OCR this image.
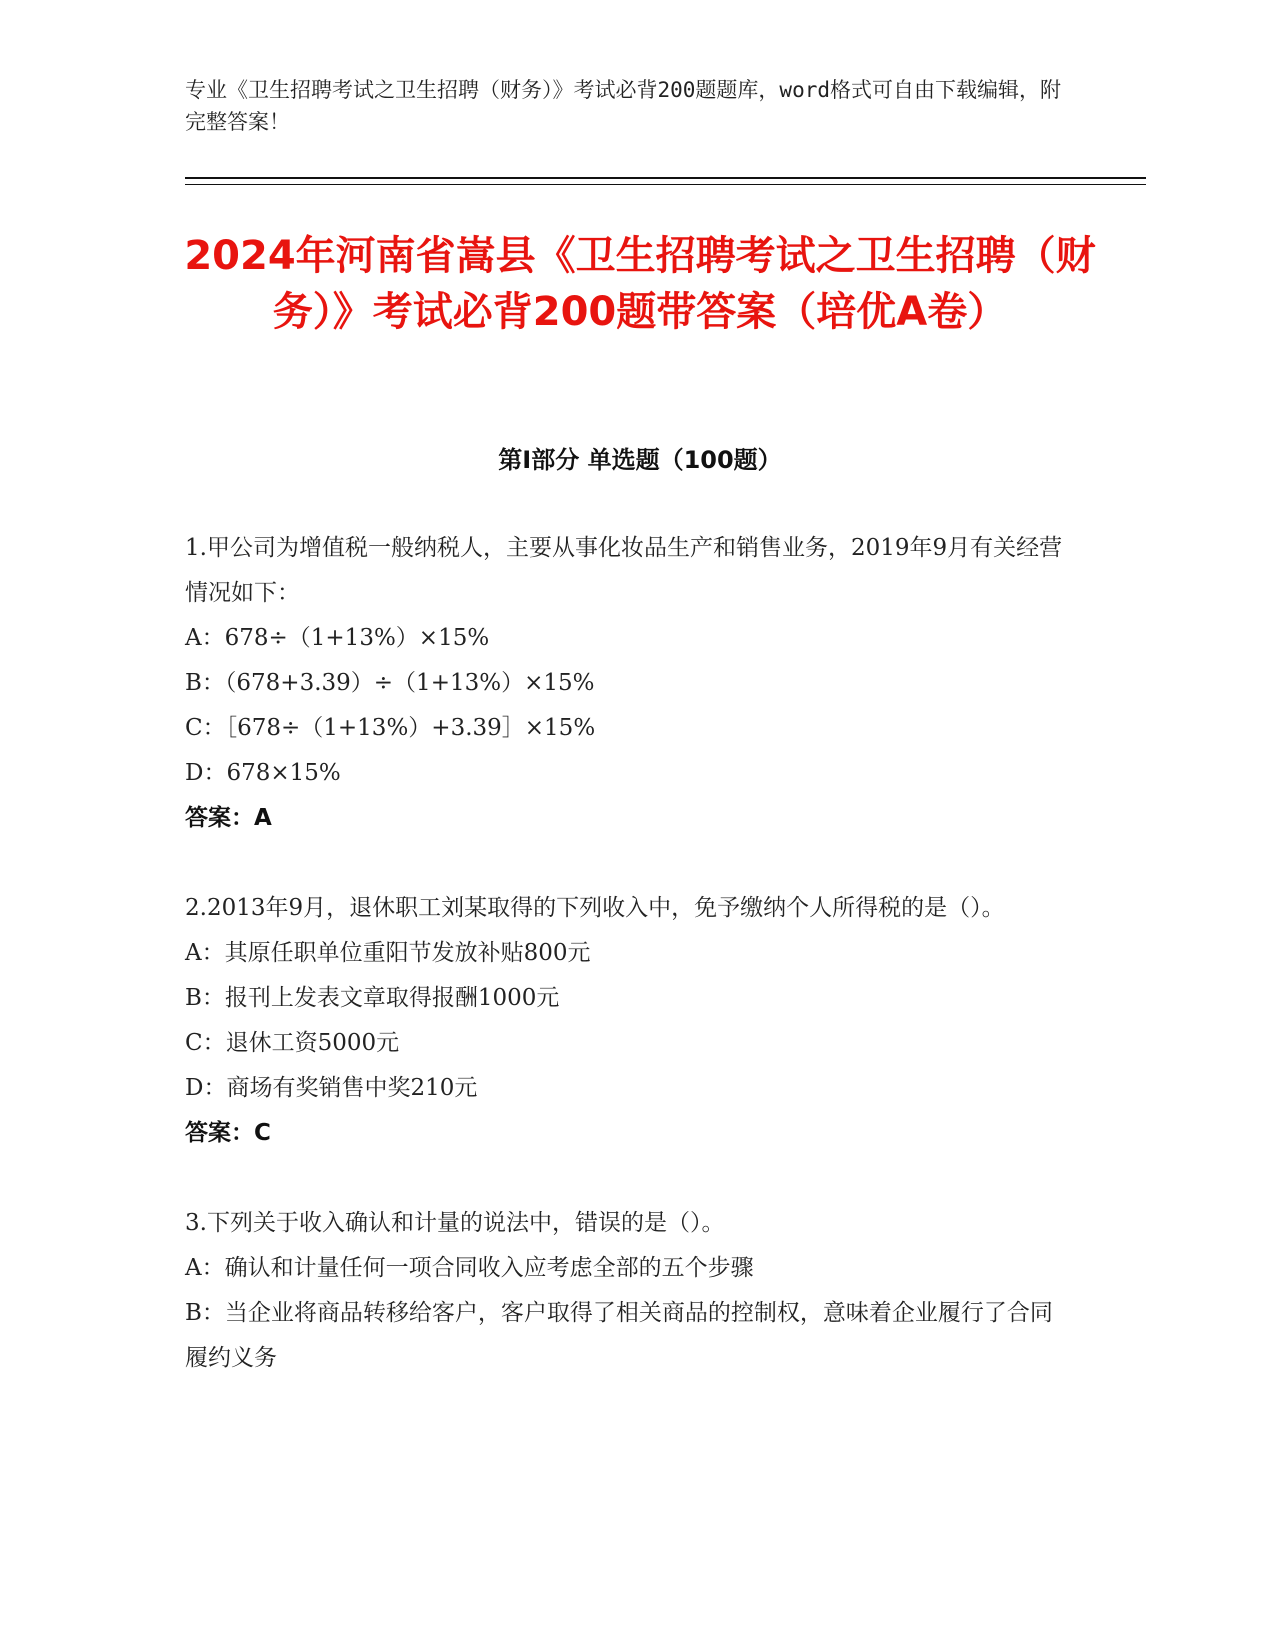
专业《卫生招聘考试之卫生招聘（财务）》考试必背200题题库，word格式可自由下载编辑，附完整答案！
2024年河南省嵩县《卫生招聘考试之卫生招聘（财务）》考试必背200题带答案（培优A卷）
第I部分 单选题（100题）
1.甲公司为增值税一般纳税人，主要从事化妆品生产和销售业务，2019年9月有关经营情况如下：
A：678÷（1+13%）×15%
B：（678+3.39）÷（1+13%）×15%
C：［678÷（1+13%）+3.39］×15%
D：678×15%
答案：A
2.2013年9月，退休职工刘某取得的下列收入中，免予缴纳个人所得税的是（）。
A：其原任职单位重阳节发放补贴800元
B：报刊上发表文章取得报酬1000元
C：退休工资5000元
D：商场有奖销售中奖210元
答案：C
3.下列关于收入确认和计量的说法中，错误的是（）。
A：确认和计量任何一项合同收入应考虑全部的五个步骤
B：当企业将商品转移给客户，客户取得了相关商品的控制权，意味着企业履行了合同履约义务
